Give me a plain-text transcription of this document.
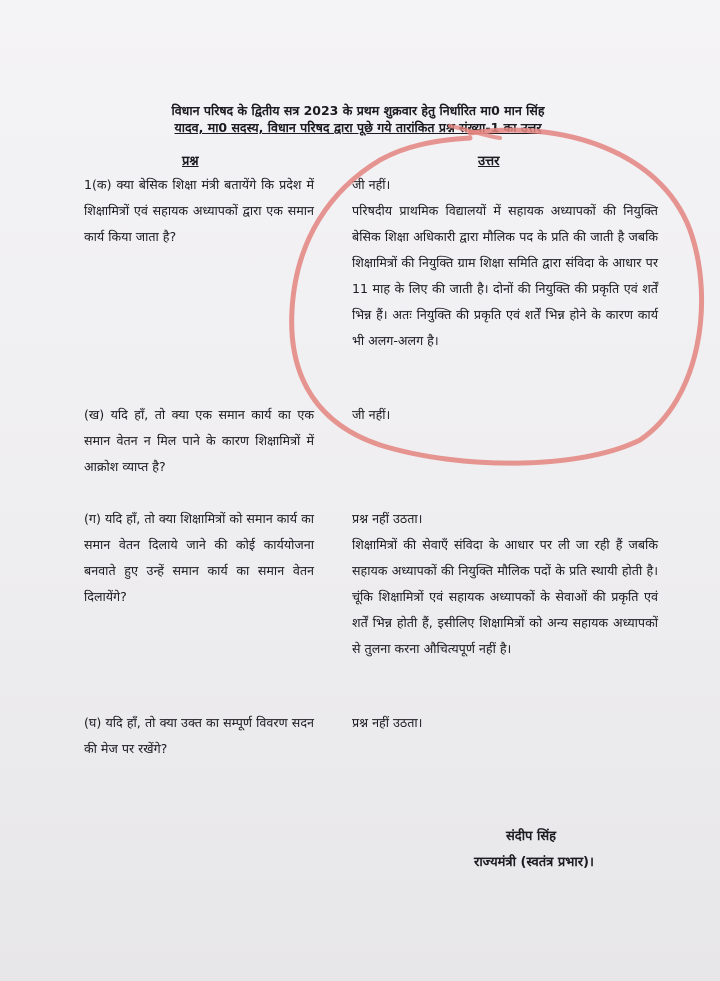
विधान परिषद के द्वितीय सत्र 2023 के प्रथम शुक्रवार हेतु निर्धारित मा0 मान सिंह
यादव, मा0 सदस्य, विधान परिषद द्वारा पूछे गये तारांकित प्रश्न संख्या-1 का उत्तर
प्रश्न	उत्तर
1(क) क्या बेसिक शिक्षा मंत्री बतायेंगे कि प्रदेश में शिक्षामित्रों एवं सहायक अध्यापकों द्वारा एक समान कार्य किया जाता है?
(ख) यदि हाँ, तो क्या एक समान कार्य का एक समान वेतन न मिल पाने के कारण शिक्षामित्रों में आक्रोश व्याप्त है?
(ग) यदि हाँ, तो क्या शिक्षामित्रों को समान कार्य का समान वेतन दिलाये जाने की कोई कार्ययोजना बनवाते हुए उन्हें समान कार्य का समान वेतन दिलायेंगे?
(घ) यदि हाँ, तो क्या उक्त का सम्पूर्ण विवरण सदन की मेज पर रखेंगे?
जी नहीं।
परिषदीय प्राथमिक विद्यालयों में सहायक अध्यापकों की नियुक्ति बेसिक शिक्षा अधिकारी द्वारा मौलिक पद के प्रति की जाती है जबकि शिक्षामित्रों की नियुक्ति ग्राम शिक्षा समिति द्वारा संविदा के आधार पर 11 माह के लिए की जाती है। दोनों की नियुक्ति की प्रकृति एवं शर्तें भिन्न हैं। अतः नियुक्ति की प्रकृति एवं शर्तें भिन्न होने के कारण कार्य भी अलग-अलग है।
जी नहीं।
प्रश्न नहीं उठता।
शिक्षामित्रों की सेवाएँ संविदा के आधार पर ली जा रही हैं जबकि सहायक अध्यापकों की नियुक्ति मौलिक पदों के प्रति स्थायी होती है। चूंकि शिक्षामित्रों एवं सहायक अध्यापकों के सेवाओं की प्रकृति एवं शर्तें भिन्न होती हैं, इसीलिए शिक्षामित्रों को अन्य सहायक अध्यापकों से तुलना करना औचित्यपूर्ण नहीं है।
प्रश्न नहीं उठता।
संदीप सिंह
राज्यमंत्री (स्वतंत्र प्रभार)।
